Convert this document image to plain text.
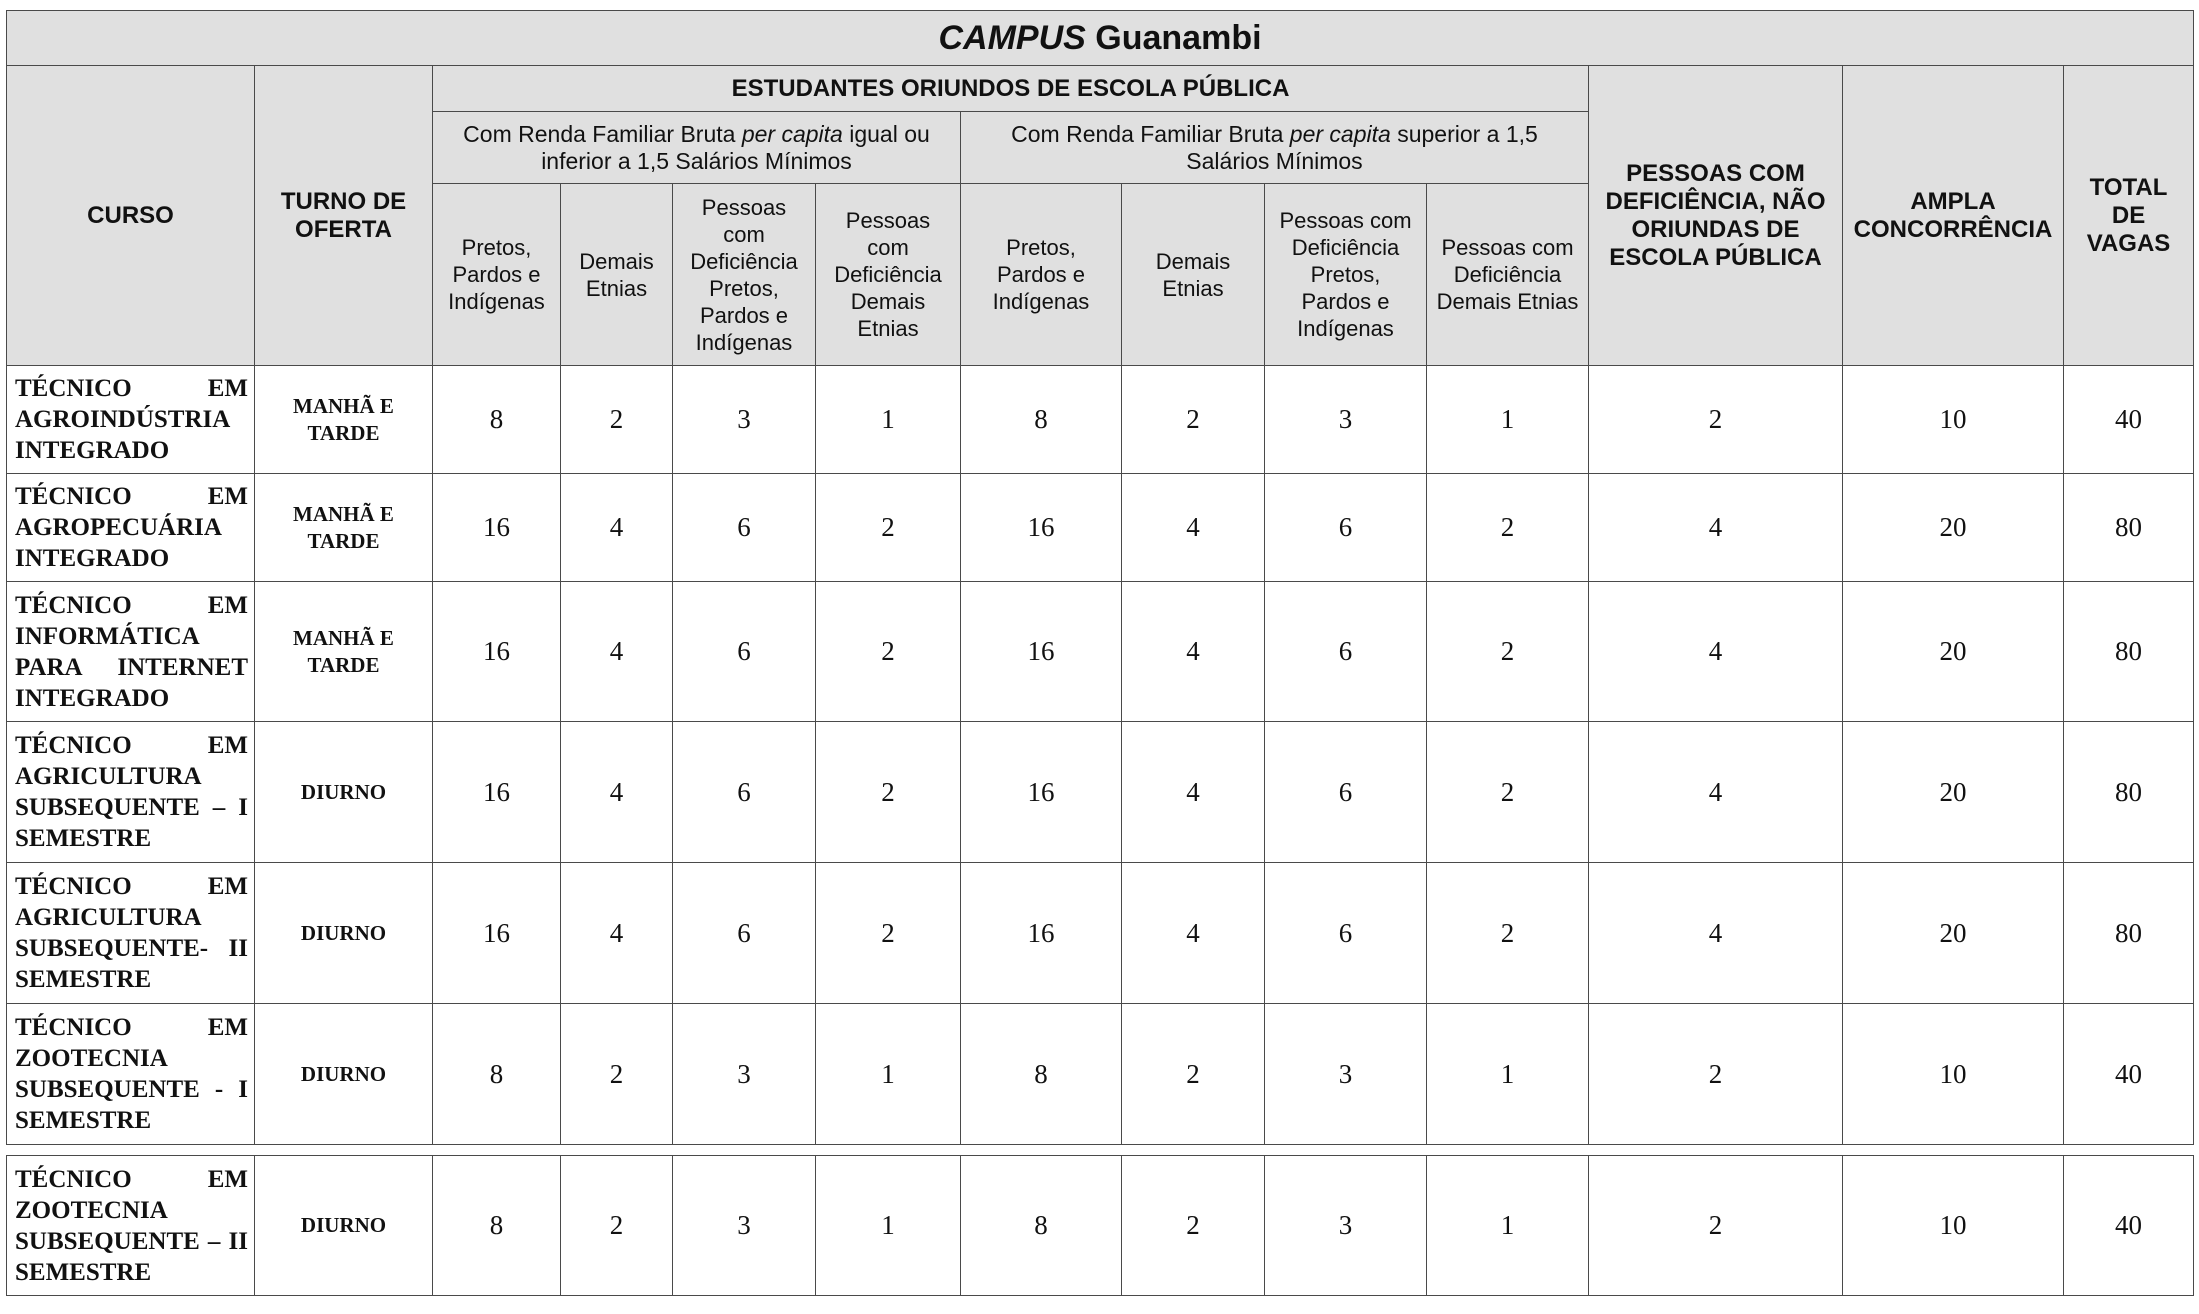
CAMPUS Guanambi												
CURSO	TURNO DE OFERTA	ESTUDANTES ORIUNDOS DE ESCOLA PÚBLICA								PESSOAS COM DEFICIÊNCIA, NÃO ORIUNDAS DE ESCOLA PÚBLICA	AMPLA CONCORRÊNCIA	TOTAL DE VAGAS
		Com Renda Familiar Bruta per capita igual ou inferior a 1,5 Salários Mínimos				Com Renda Familiar Bruta per capita superior a 1,5 Salários Mínimos						
		Pretos, Pardos e Indígenas	Demais Etnias	Pessoas com Deficiência Pretos, Pardos e Indígenas	Pessoas com Deficiência Demais Etnias	Pretos, Pardos e Indígenas	Demais Etnias	Pessoas com Deficiência Pretos, Pardos e Indígenas	Pessoas com Deficiência Demais Etnias			
TÉCNICO EM AGROINDÚSTRIA INTEGRADO	MANHÃ E TARDE	8	2	3	1	8	2	3	1	2	10	40
TÉCNICO EM AGROPECUÁRIA INTEGRADO	MANHÃ E TARDE	16	4	6	2	16	4	6	2	4	20	80
TÉCNICO EM INFORMÁTICA PARA INTERNET INTEGRADO	MANHÃ E TARDE	16	4	6	2	16	4	6	2	4	20	80
TÉCNICO EM AGRICULTURA SUBSEQUENTE – I SEMESTRE	DIURNO	16	4	6	2	16	4	6	2	4	20	80
TÉCNICO EM AGRICULTURA SUBSEQUENTE- II SEMESTRE	DIURNO	16	4	6	2	16	4	6	2	4	20	80
TÉCNICO EM ZOOTECNIA SUBSEQUENTE - I SEMESTRE	DIURNO	8	2	3	1	8	2	3	1	2	10	40

TÉCNICO EM ZOOTECNIA SUBSEQUENTE – II SEMESTRE	DIURNO	8	2	3	1	8	2	3	1	2	10	40
